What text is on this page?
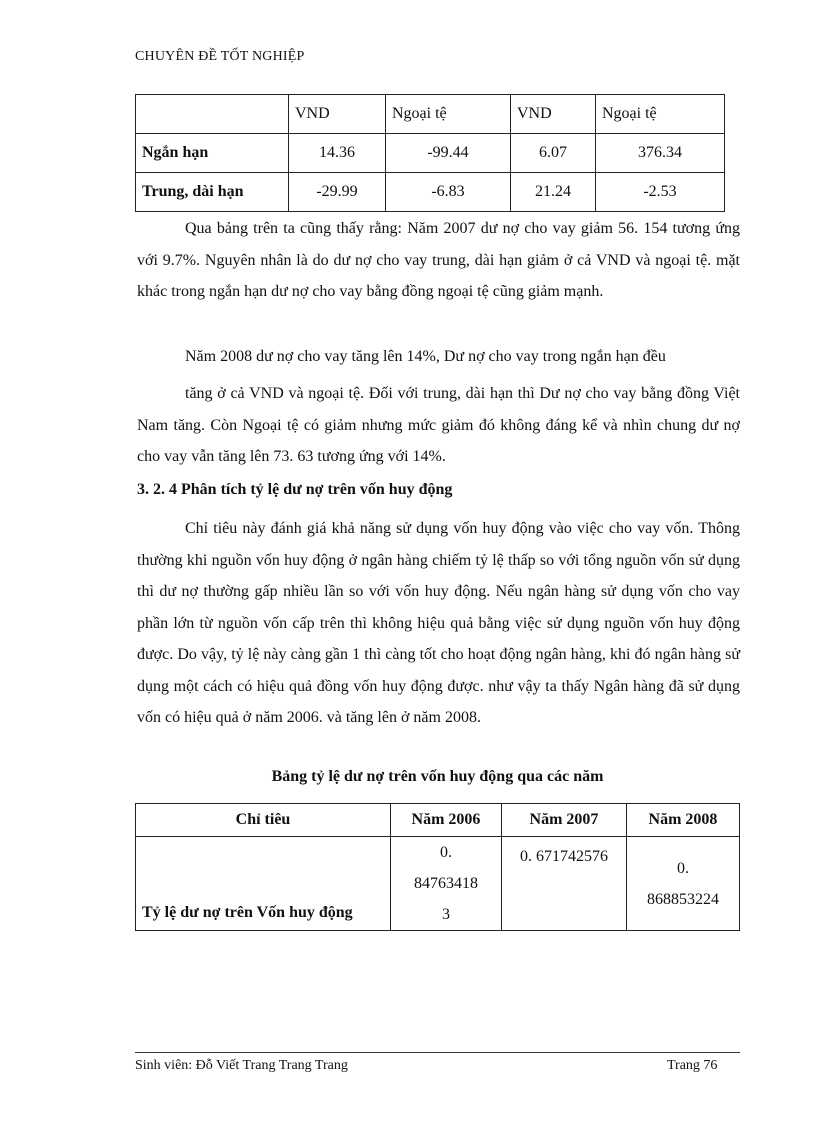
CHUYÊN ĐỀ TỐT NGHIỆP
	VND	Ngoại tệ	VND	Ngoại tệ
Ngắn hạn	14.36	-99.44	6.07	376.34
Trung, dài hạn	-29.99	-6.83	21.24	-2.53
Qua bảng trên ta cũng thấy rằng: Năm 2007 dư nợ cho vay giảm 56. 154 tương ứng với 9.7%. Nguyên nhân là do dư nợ cho vay trung, dài hạn giảm ở cả VND và ngoại tệ. mặt khác trong ngắn hạn dư nợ cho vay bằng đồng ngoại tệ cũng giảm mạnh.
Năm 2008 dư nợ cho vay tăng lên 14%, Dư nợ cho vay trong ngắn hạn đều
tăng ở cả VND và ngoại tệ. Đối với trung, dài hạn thì Dư nợ cho vay bằng đồng Việt Nam tăng. Còn Ngoại tệ có giảm nhưng mức giảm đó không đáng kể và nhìn chung dư nợ cho vay vẫn tăng lên 73. 63 tương ứng với 14%.
3. 2. 4 Phân tích tỷ lệ dư nợ trên vốn huy động
Chỉ tiêu này đánh giá khả năng sử dụng vốn huy động vào việc cho vay vốn. Thông thường khi nguồn vốn huy động ở ngân hàng chiếm tỷ lệ thấp so với tổng nguồn vốn sử dụng thì dư nợ thường gấp nhiều lần so với vốn huy động. Nếu ngân hàng sử dụng vốn cho vay phần lớn từ nguồn vốn cấp trên thì không hiệu quả bằng việc sử dụng nguồn vốn huy động được. Do vậy, tỷ lệ này càng gần 1 thì càng tốt cho hoạt động ngân hàng, khi đó ngân hàng sử dụng một cách có hiệu quả đồng vốn huy động được. như vậy ta thấy Ngân hàng đã sử dụng vốn có hiệu quả ở năm 2006. và tăng lên ở năm 2008.
Bảng tỷ lệ dư nợ trên vốn huy động qua các năm
Chỉ tiêu	Năm 2006	Năm 2007	Năm 2008
Tỷ lệ dư nợ trên Vốn huy động	0. 847634183	0. 671742576	0. 868853224
Sinh viên: Đỗ Viết Trang Trang Trang	Trang 76
